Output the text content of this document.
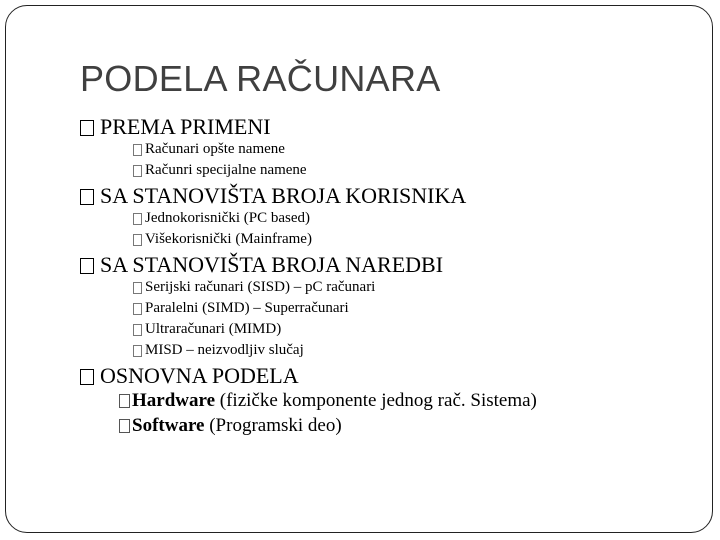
PODELA RAČUNARA
PREMA PRIMENI
Računari opšte namene
Računri specijalne namene
SA STANOVIŠTA BROJA KORISNIKA
Jednokorisnički (PC based)
Višekorisnički (Mainframe)
SA STANOVIŠTA BROJA NAREDBI
Serijski računari (SISD) – pC računari
Paralelni (SIMD) – Superračunari
Ultraračunari (MIMD)
MISD – neizvodljiv slučaj
OSNOVNA PODELA
Hardware (fizičke komponente jednog rač. Sistema)
Software (Programski deo)
